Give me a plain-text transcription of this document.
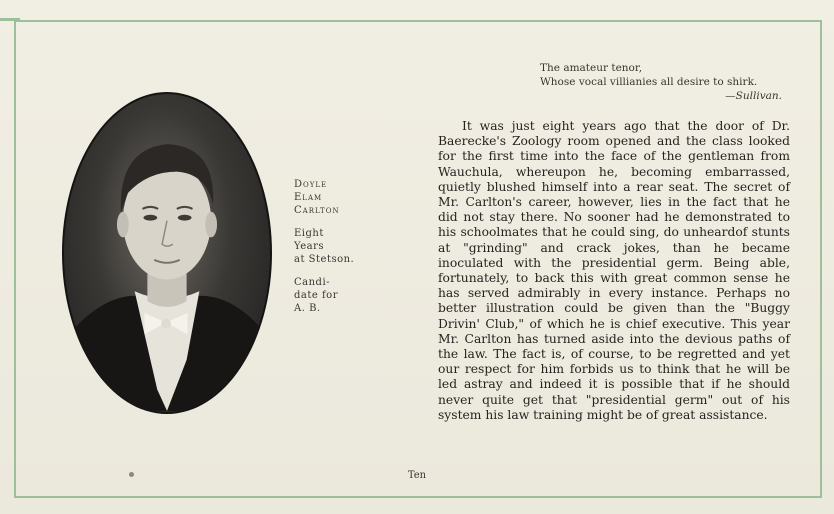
Doyle
Elam
Carlton
Eight
Years
at Stetson.
Candi-
date for
A. B.
The amateur tenor,
Whose vocal villianies all desire to shirk.
—Sullivan.
It was just eight years ago that the door of Dr. Baerecke's Zoology room opened and the class looked for the first time into the face of the gentleman from Wauchula, whereupon he, becoming embarrassed, quietly blushed himself into a rear seat. The secret of Mr. Carlton's career, however, lies in the fact that he did not stay there. No sooner had he demonstrated to his schoolmates that he could sing, do unheardof stunts at "grinding" and crack jokes, than he became inoculated with the presidential germ. Being able, fortunately, to back this with great common sense he has served admirably in every instance. Perhaps no better illustration could be given than the "Buggy Drivin' Club," of which he is chief executive. This year Mr. Carlton has turned aside into the devious paths of the law. The fact is, of course, to be regretted and yet our respect for him forbids us to think that he will be led astray and indeed it is possible that if he should never quite get that "presidential germ" out of his system his law training might be of great assistance.
Ten
